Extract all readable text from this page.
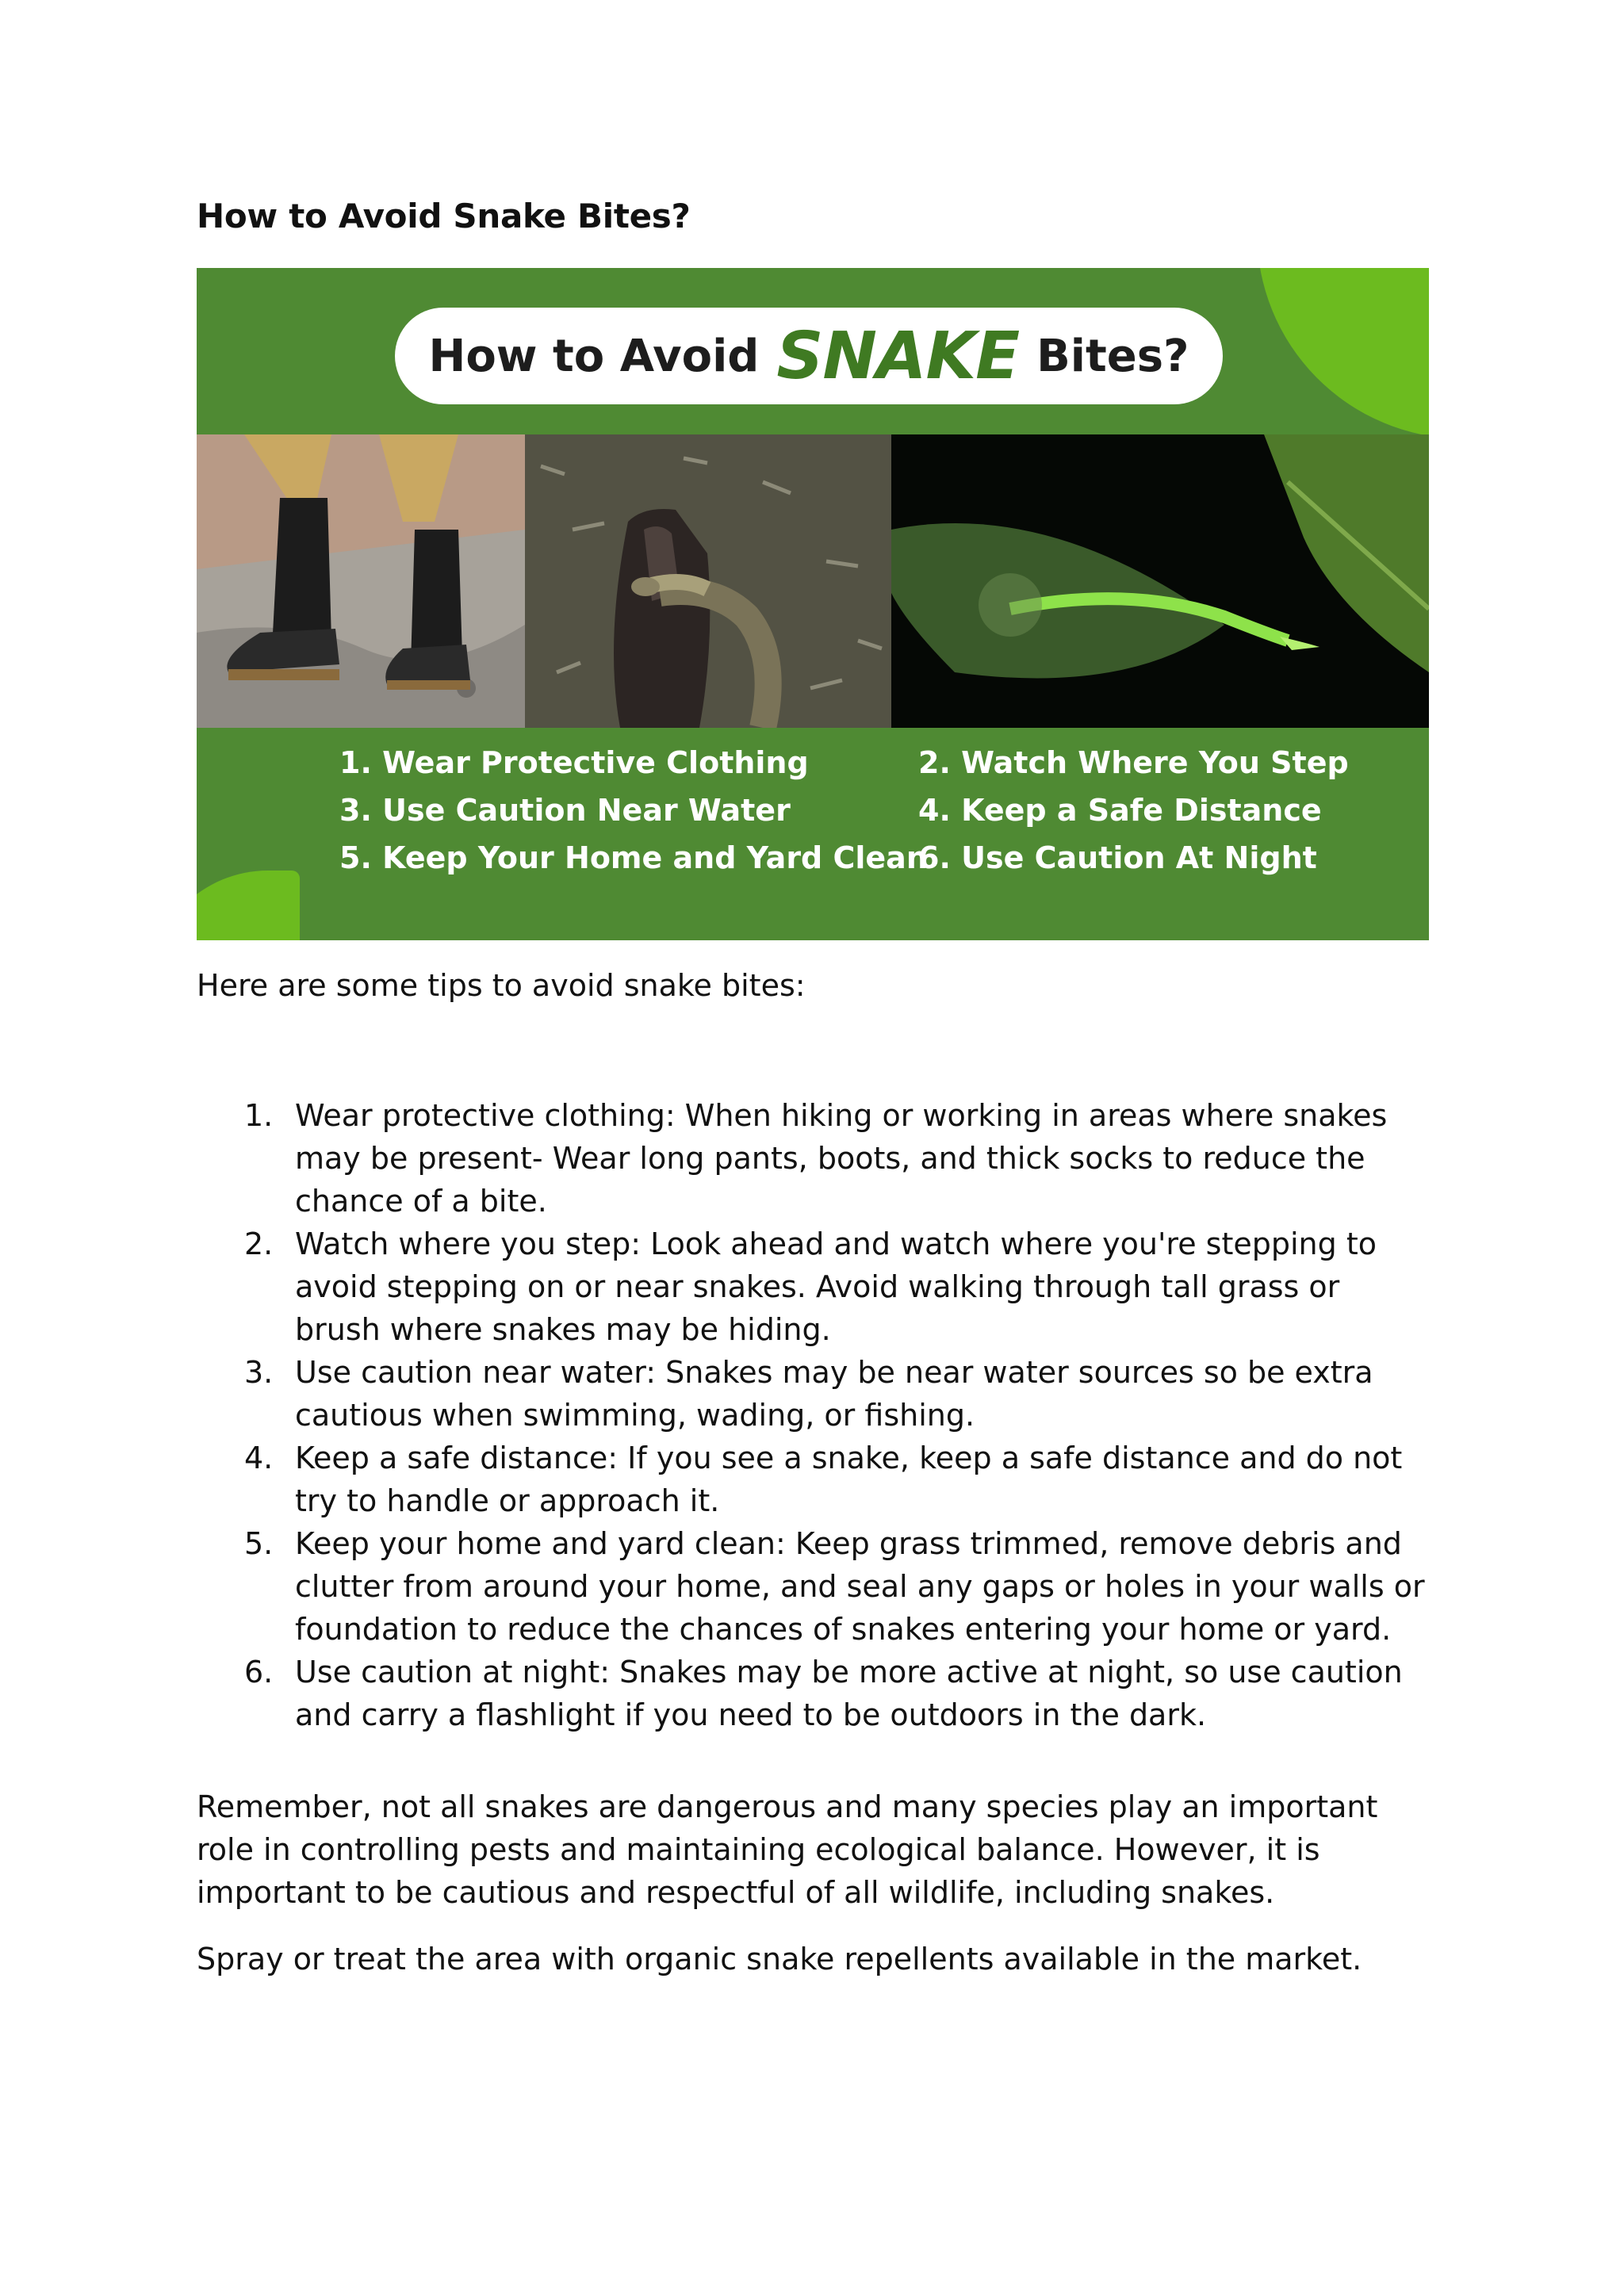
How to Avoid Snake Bites?
How to Avoid SNAKE Bites?
1. Wear Protective Clothing	2. Watch Where You Step
3. Use Caution Near Water	4. Keep a Safe Distance
5. Keep Your Home and Yard Clean
6. Use Caution At Night

Here are some tips to avoid snake bites:

1. Wear protective clothing: When hiking or working in areas where snakes may be present- Wear long pants, boots, and thick socks to reduce the chance of a bite.
2. Watch where you step: Look ahead and watch where you're stepping to avoid stepping on or near snakes. Avoid walking through tall grass or brush where snakes may be hiding.
3. Use caution near water: Snakes may be near water sources so be extra cautious when swimming, wading, or fishing.
4. Keep a safe distance: If you see a snake, keep a safe distance and do not try to handle or approach it.
5. Keep your home and yard clean: Keep grass trimmed, remove debris and clutter from around your home, and seal any gaps or holes in your walls or foundation to reduce the chances of snakes entering your home or yard.
6. Use caution at night: Snakes may be more active at night, so use caution and carry a flashlight if you need to be outdoors in the dark.

Remember, not all snakes are dangerous and many species play an important role in controlling pests and maintaining ecological balance. However, it is important to be cautious and respectful of all wildlife, including snakes.

Spray or treat the area with organic snake repellents available in the market.
